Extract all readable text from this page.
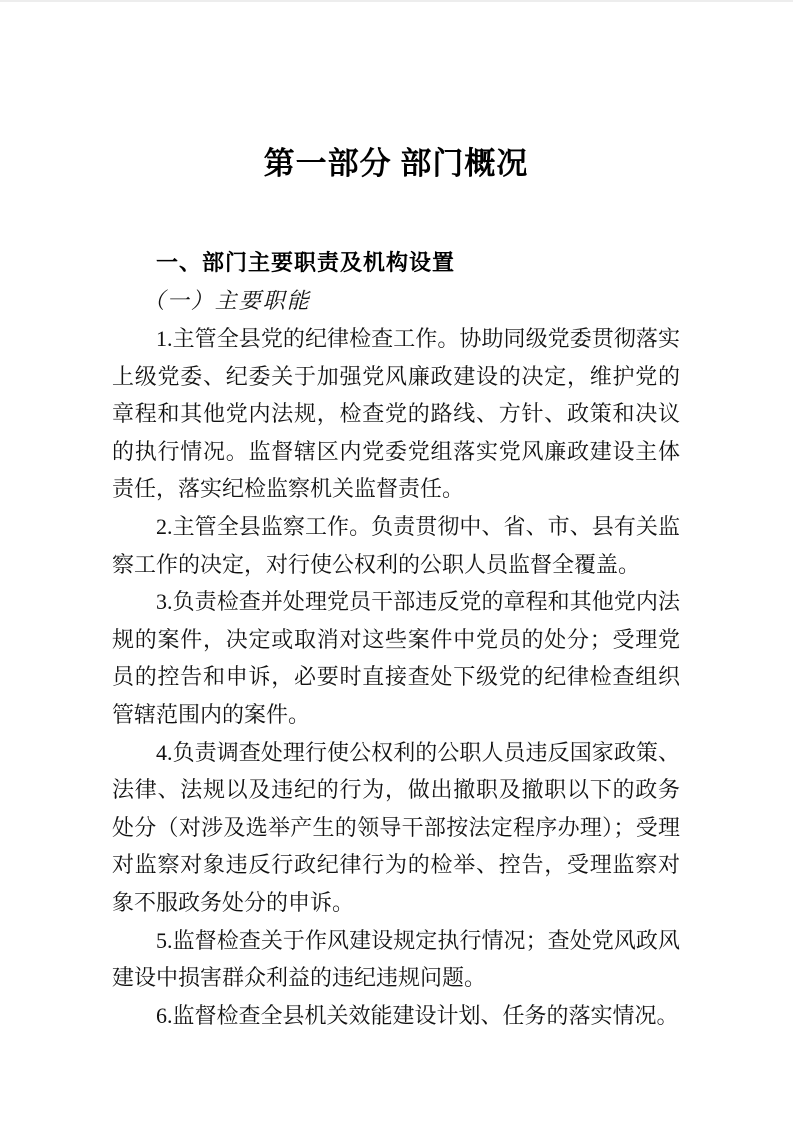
第一部分 部门概况
一、部门主要职责及机构设置
（一）主要职能

1.主管全县党的纪律检查工作。协助同级党委贯彻落实上级党委、纪委关于加强党风廉政建设的决定，维护党的章程和其他党内法规，检查党的路线、方针、政策和决议的执行情况。监督辖区内党委党组落实党风廉政建设主体责任，落实纪检监察机关监督责任。

2.主管全县监察工作。负责贯彻中、省、市、县有关监察工作的决定，对行使公权利的公职人员监督全覆盖。

3.负责检查并处理党员干部违反党的章程和其他党内法规的案件，决定或取消对这些案件中党员的处分；受理党员的控告和申诉，必要时直接查处下级党的纪律检查组织管辖范围内的案件。

4.负责调查处理行使公权利的公职人员违反国家政策、法律、法规以及违纪的行为，做出撤职及撤职以下的政务处分（对涉及选举产生的领导干部按法定程序办理）；受理对监察对象违反行政纪律行为的检举、控告，受理监察对象不服政务处分的申诉。

5.监督检查关于作风建设规定执行情况；查处党风政风建设中损害群众利益的违纪违规问题。

6.监督检查全县机关效能建设计划、任务的落实情况。
